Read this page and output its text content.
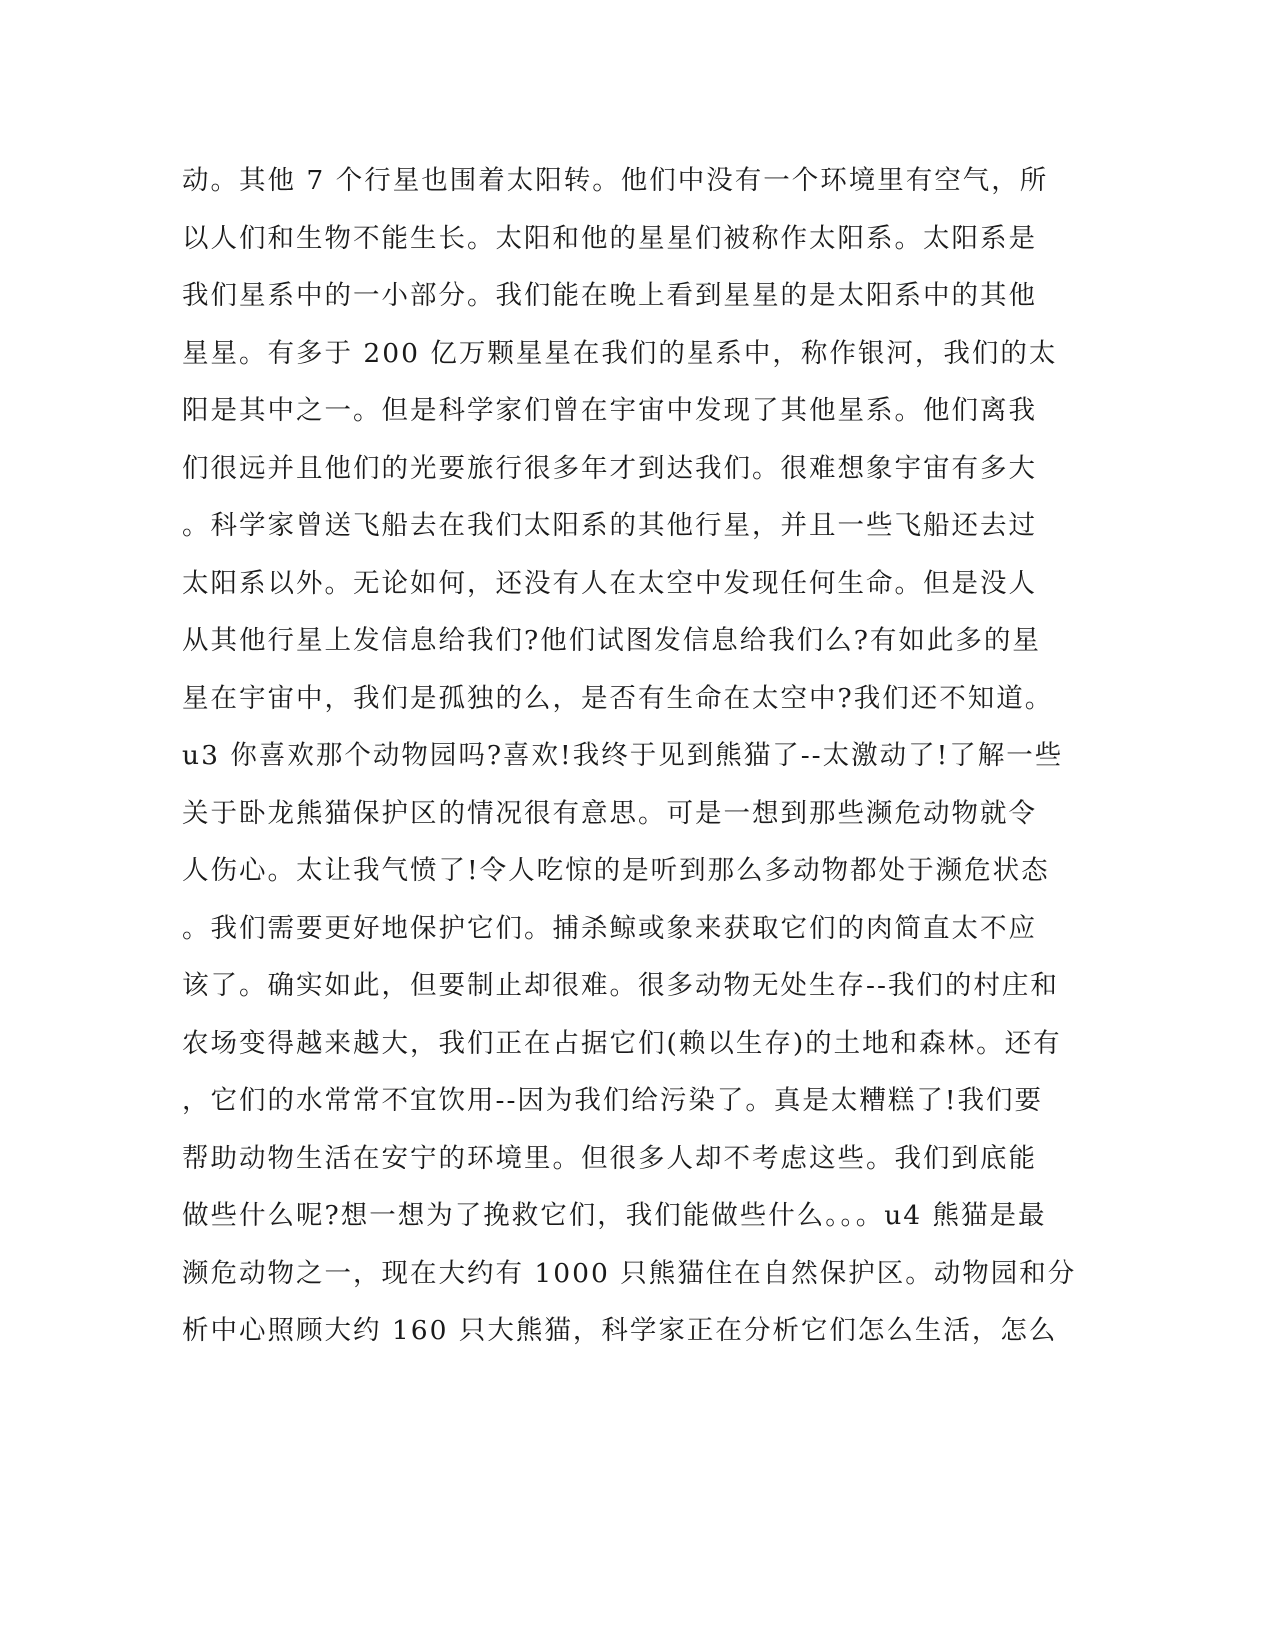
动。其他 7 个行星也围着太阳转。他们中没有一个环境里有空气，所
以人们和生物不能生长。太阳和他的星星们被称作太阳系。太阳系是
我们星系中的一小部分。我们能在晚上看到星星的是太阳系中的其他
星星。有多于 200 亿万颗星星在我们的星系中，称作银河，我们的太
阳是其中之一。但是科学家们曾在宇宙中发现了其他星系。他们离我
们很远并且他们的光要旅行很多年才到达我们。很难想象宇宙有多大
。科学家曾送飞船去在我们太阳系的其他行星，并且一些飞船还去过
太阳系以外。无论如何，还没有人在太空中发现任何生命。但是没人
从其他行星上发信息给我们?他们试图发信息给我们么?有如此多的星
星在宇宙中，我们是孤独的么，是否有生命在太空中?我们还不知道。
u3 你喜欢那个动物园吗?喜欢!我终于见到熊猫了--太激动了!了解一些
关于卧龙熊猫保护区的情况很有意思。可是一想到那些濒危动物就令
人伤心。太让我气愤了!令人吃惊的是听到那么多动物都处于濒危状态
。我们需要更好地保护它们。捕杀鲸或象来获取它们的肉简直太不应
该了。确实如此，但要制止却很难。很多动物无处生存--我们的村庄和
农场变得越来越大，我们正在占据它们(赖以生存)的土地和森林。还有
，它们的水常常不宜饮用--因为我们给污染了。真是太糟糕了!我们要
帮助动物生活在安宁的环境里。但很多人却不考虑这些。我们到底能
做些什么呢?想一想为了挽救它们，我们能做些什么。。。u4 熊猫是最
濒危动物之一，现在大约有 1000 只熊猫住在自然保护区。动物园和分
析中心照顾大约 160 只大熊猫，科学家正在分析它们怎么生活，怎么
